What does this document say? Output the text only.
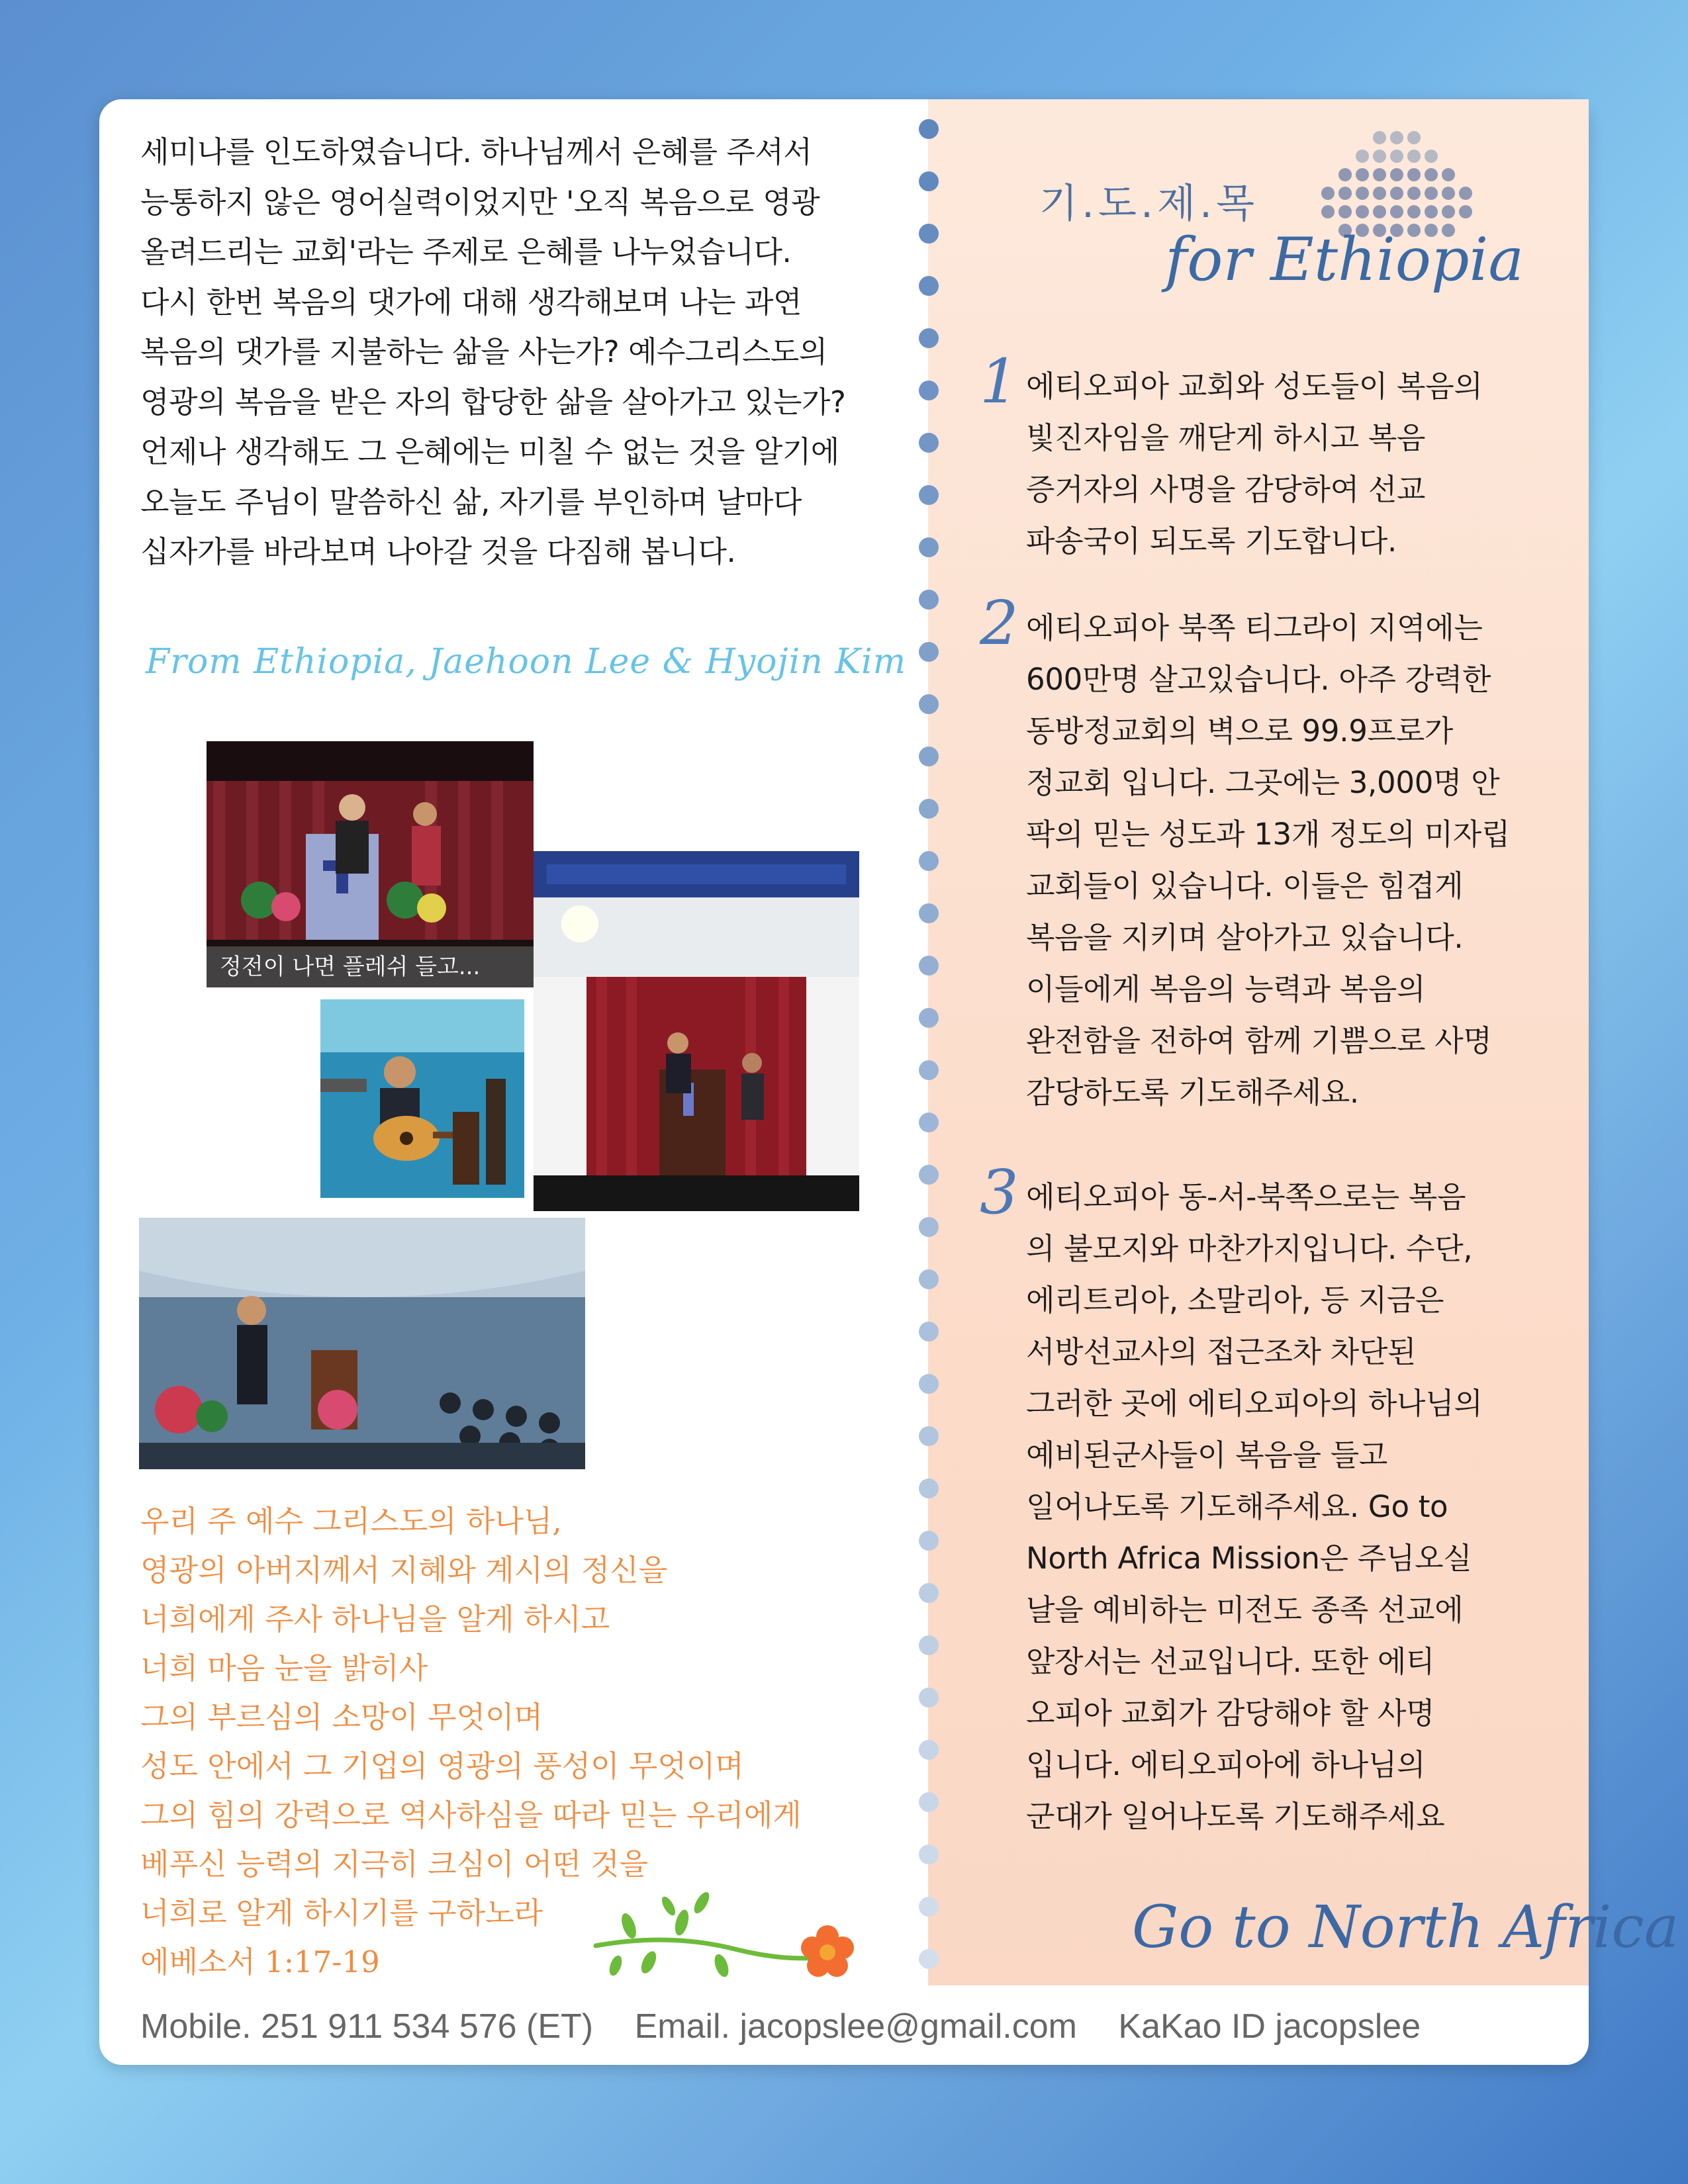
세미나를 인도하였습니다. 하나님께서 은혜를 주셔서
능통하지 않은 영어실력이었지만 '오직 복음으로 영광
올려드리는 교회'라는 주제로 은혜를 나누었습니다.
다시 한번 복음의 댓가에 대해 생각해보며 나는 과연
복음의 댓가를 지불하는 삶을 사는가? 예수그리스도의
영광의 복음을 받은 자의 합당한 삶을 살아가고 있는가?
언제나 생각해도 그 은혜에는 미칠 수 없는 것을 알기에
오늘도 주님이 말씀하신 삶, 자기를 부인하며 날마다
십자가를 바라보며 나아갈 것을 다짐해 봅니다.
From Ethiopia, Jaehoon Lee & Hyojin Kim
정전이 나면 플레쉬 들고...
우리 주 예수 그리스도의 하나님,
영광의 아버지께서 지혜와 계시의 정신을
너희에게 주사 하나님을 알게 하시고
너희 마음 눈을 밝히사
그의 부르심의 소망이 무엇이며
성도 안에서 그 기업의 영광의 풍성이 무엇이며
그의 힘의 강력으로 역사하심을 따라 믿는 우리에게
베푸신 능력의 지극히 크심이 어떤 것을
너희로 알게 하시기를 구하노라
에베소서 1:17-19
Mobile. 251 911 534 576 (ET) Email. jacopslee@gmail.com KaKao ID jacopslee
기.도.제.목
for Ethiopia
1 에티오피아 교회와 성도들이 복음의
빛진자임을 깨닫게 하시고 복음
증거자의 사명을 감당하여 선교
파송국이 되도록 기도합니다.
2 에티오피아 북쪽 티그라이 지역에는
600만명 살고있습니다. 아주 강력한
동방정교회의 벽으로 99.9프로가
정교회 입니다. 그곳에는 3,000명 안
팍의 믿는 성도과 13개 정도의 미자립
교회들이 있습니다. 이들은 힘겹게
복음을 지키며 살아가고 있습니다.
이들에게 복음의 능력과 복음의
완전함을 전하여 함께 기쁨으로 사명
감당하도록 기도해주세요.
3 에티오피아 동-서-북쪽으로는 복음
의 불모지와 마찬가지입니다. 수단,
에리트리아, 소말리아, 등 지금은
서방선교사의 접근조차 차단된
그러한 곳에 에티오피아의 하나님의
예비된군사들이 복음을 들고
일어나도록 기도해주세요. Go to
North Africa Mission은 주님오실
날을 예비하는 미전도 종족 선교에
앞장서는 선교입니다. 또한 에티
오피아 교회가 감당해야 할 사명
입니다. 에티오피아에 하나님의
군대가 일어나도록 기도해주세요
Go to North Africa
